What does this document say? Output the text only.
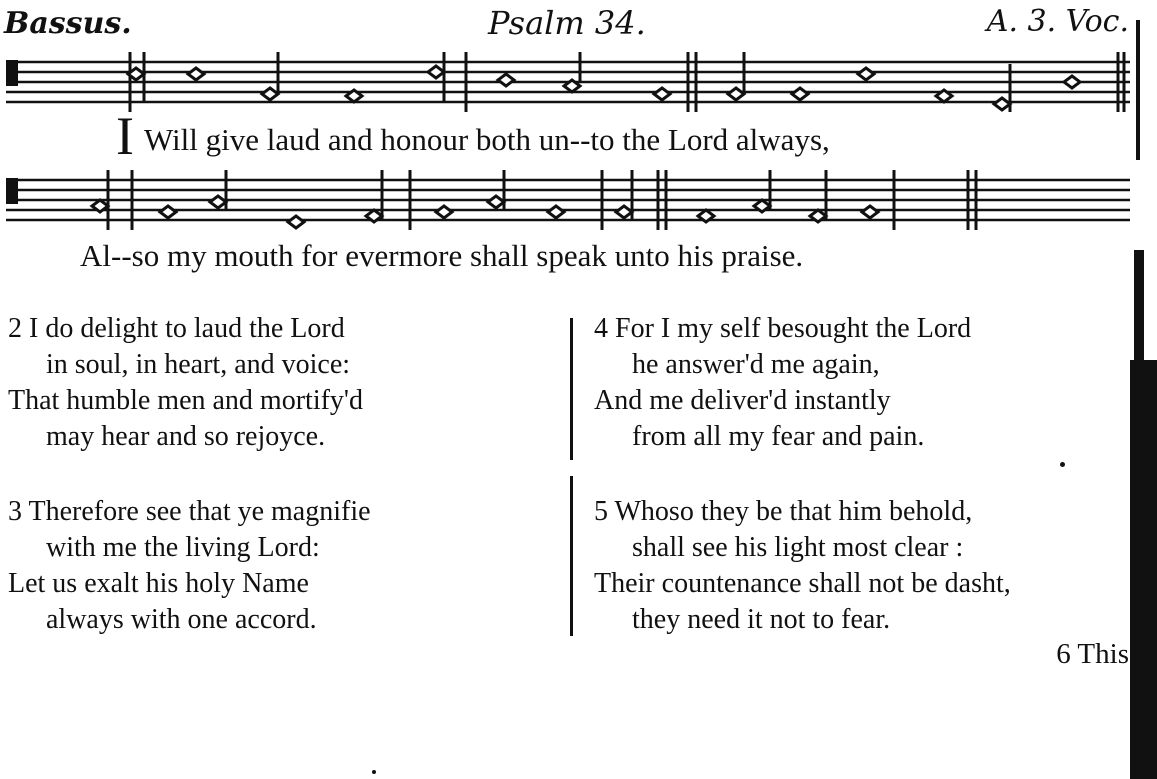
Bassus.	Psalm 34.	A. 3. Voc.
I Will give laud and honour both un--to the Lord always,
Al--so my mouth for evermore shall speak unto his praise.
2 I do delight to laud the Lord
in soul, in heart, and voice:
That humble men and mortify'd
may hear and so rejoyce.
3 Therefore see that ye magnifie
with me the living Lord:
Let us exalt his holy Name
always with one accord.
4 For I my self besought the Lord
he answer'd me again,
And me deliver'd instantly
from all my fear and pain.
5 Whoso they be that him behold,
shall see his light most clear :
Their countenance shall not be dasht,
they need it not to fear.
6 This
